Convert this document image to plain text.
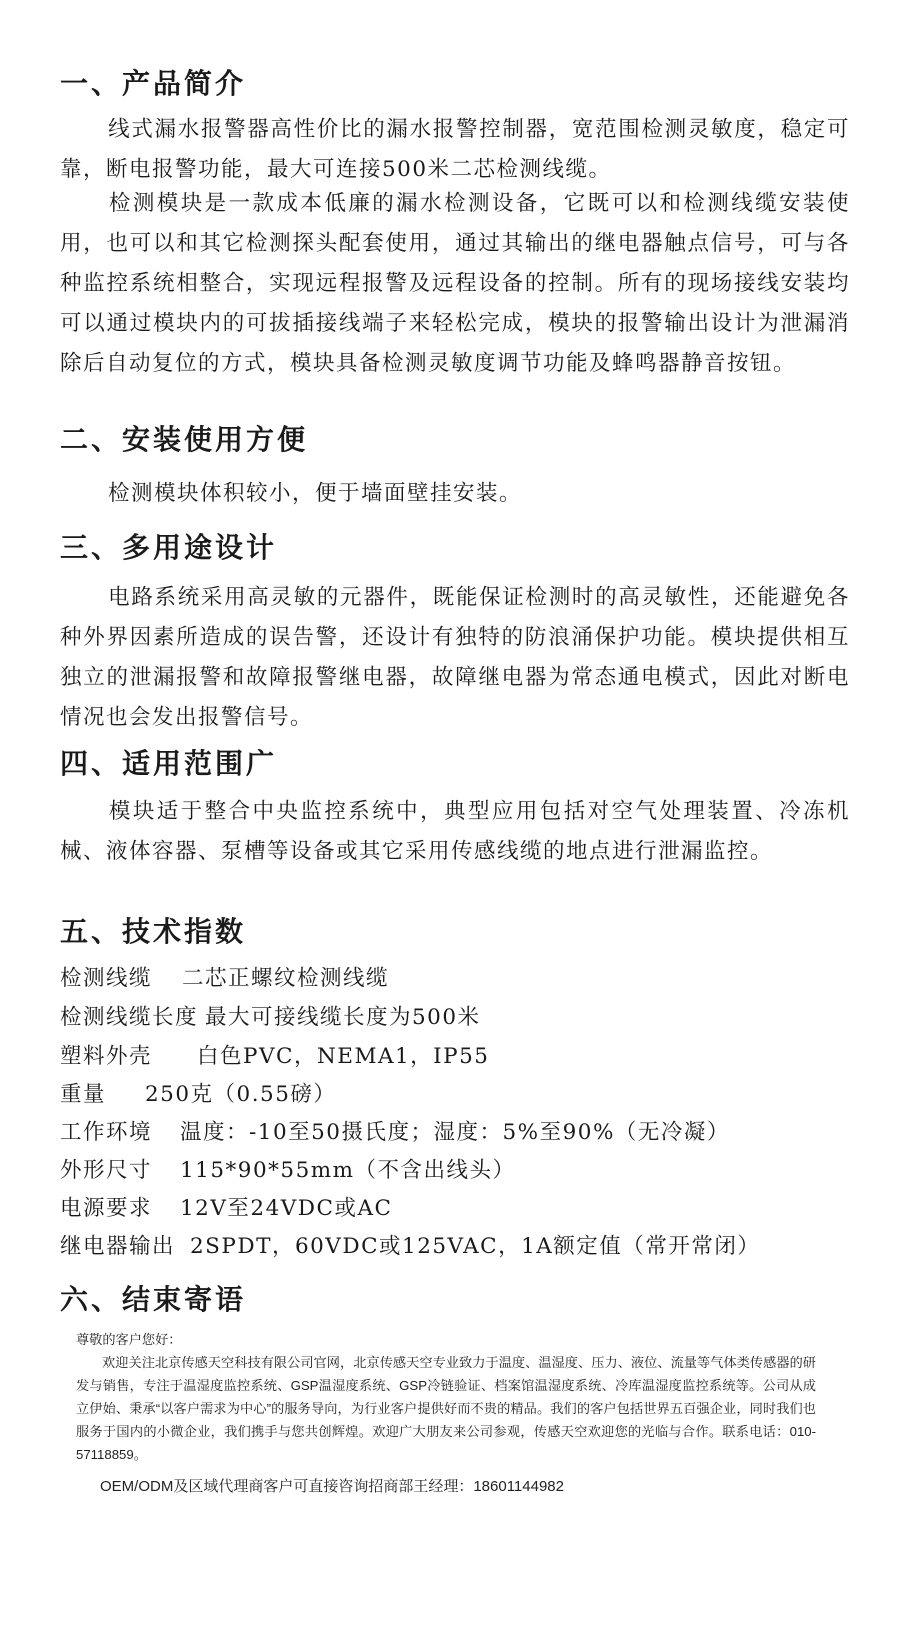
一、产品简介

线式漏水报警器高性价比的漏水报警控制器，宽范围检测灵敏度，稳定可靠，断电报警功能，最大可连接500米二芯检测线缆。

检测模块是一款成本低廉的漏水检测设备，它既可以和检测线缆安装使用，也可以和其它检测探头配套使用，通过其输出的继电器触点信号，可与各种监控系统相整合，实现远程报警及远程设备的控制。所有的现场接线安装均可以通过模块内的可拔插接线端子来轻松完成，模块的报警输出设计为泄漏消除后自动复位的方式，模块具备检测灵敏度调节功能及蜂鸣器静音按钮。

二、安装使用方便

检测模块体积较小，便于墙面壁挂安装。

三、多用途设计

电路系统采用高灵敏的元器件，既能保证检测时的高灵敏性，还能避免各种外界因素所造成的误告警，还设计有独特的防浪涌保护功能。模块提供相互独立的泄漏报警和故障报警继电器，故障继电器为常态通电模式，因此对断电情况也会发出报警信号。

四、适用范围广

模块适于整合中央监控系统中，典型应用包括对空气处理装置、冷冻机械、液体容器、泵槽等设备或其它采用传感线缆的地点进行泄漏监控。

五、技术指数
检测线缆 二芯正螺纹检测线缆
检测线缆长度 最大可接线缆长度为500米
塑料外壳 白色PVC，NEMA1，IP55
重量 250克（0.55磅）
工作环境 温度：-10至50摄氏度；湿度：5%至90%（无冷凝）
外形尺寸 115*90*55mm（不含出线头）
电源要求 12V至24VDC或AC
继电器输出 2SPDT，60VDC或125VAC，1A额定值（常开常闭）
六、结束寄语

尊敬的客户您好：

欢迎关注北京传感天空科技有限公司官网，北京传感天空专业致力于温度、温湿度、压力、液位、流量等气体类传感器的研发与销售，专注于温湿度监控系统、GSP温湿度系统、GSP冷链验证、档案馆温湿度系统、冷库温湿度监控系统等。公司从成立伊始、秉承“以客户需求为中心”的服务导向，为行业客户提供好而不贵的精品。我们的客户包括世界五百强企业，同时我们也服务于国内的小微企业，我们携手与您共创辉煌。欢迎广大朋友来公司参观，传感天空欢迎您的光临与合作。联系电话：010-57118859。

OEM/ODM及区域代理商客户可直接咨询招商部王经理：18601144982
